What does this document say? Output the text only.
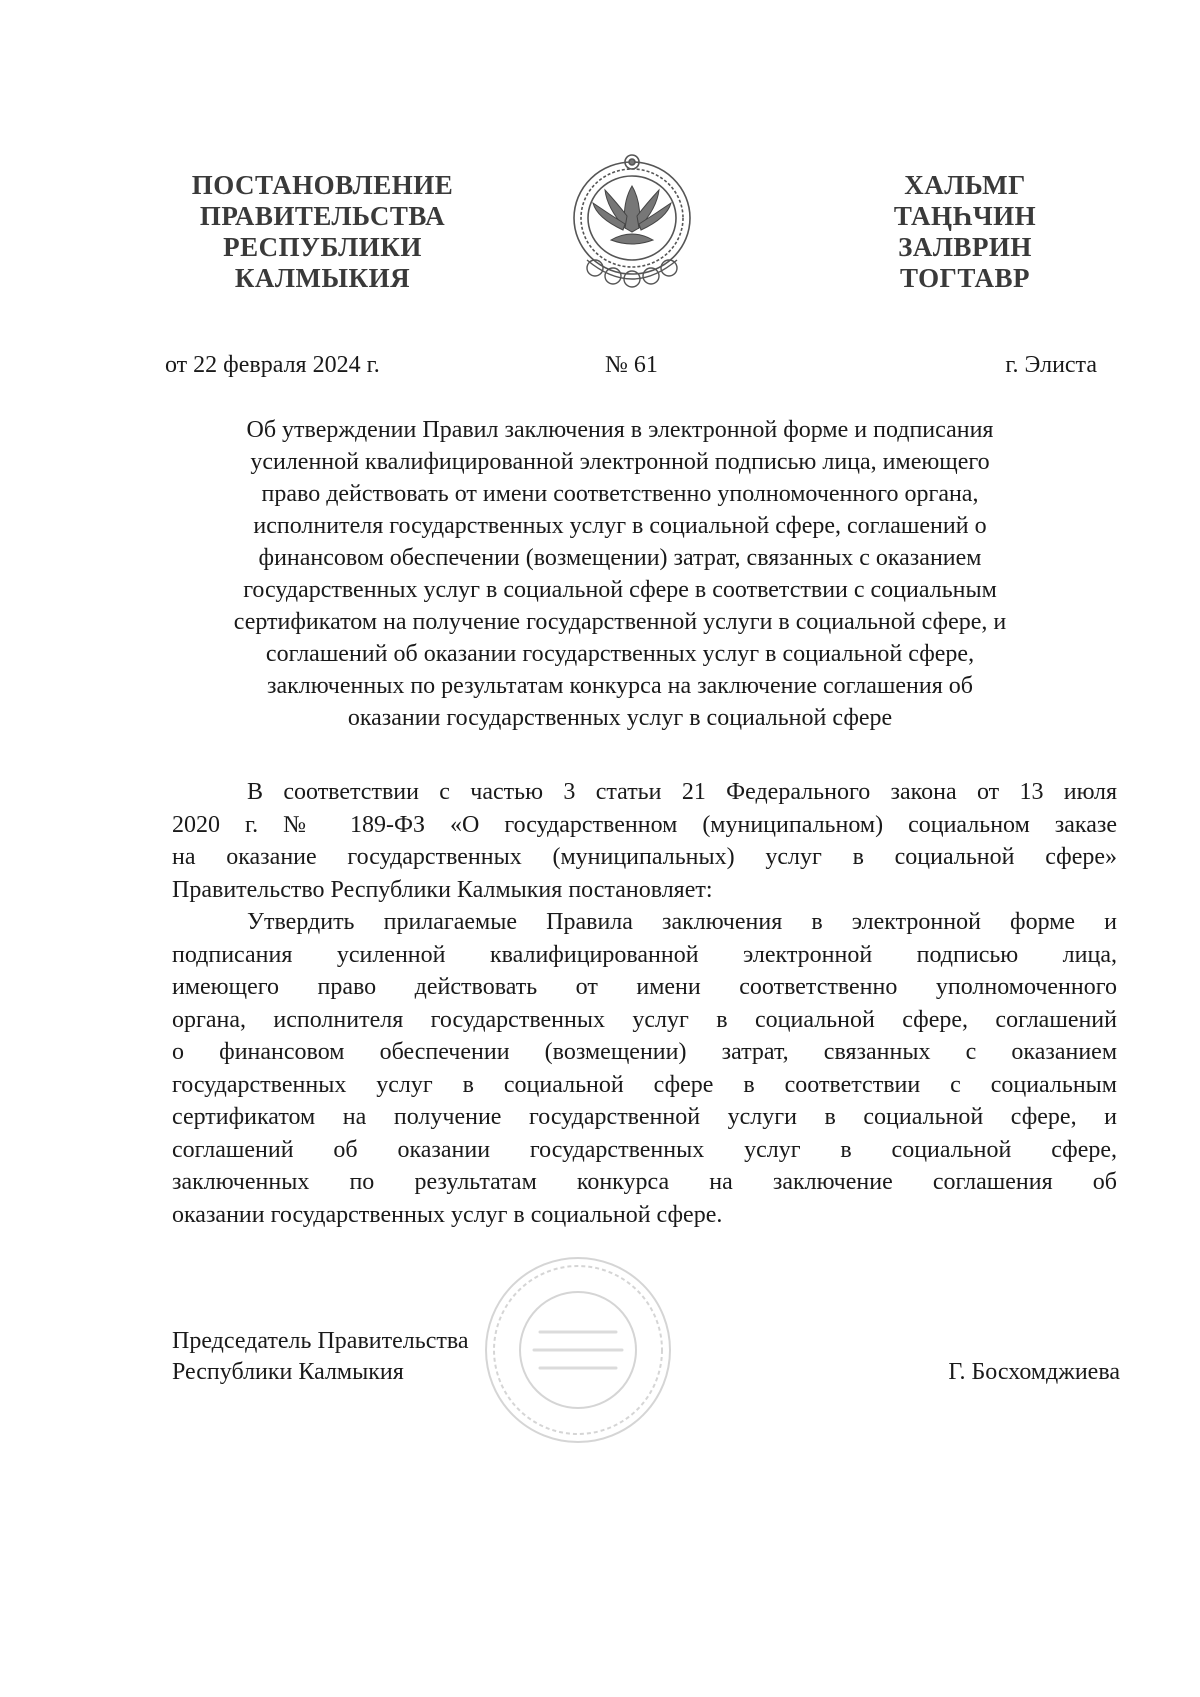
ПОСТАНОВЛЕНИЕ
ПРАВИТЕЛЬСТВА
РЕСПУБЛИКИ
КАЛМЫКИЯ
ХАЛЬМГ
ТАҢҺЧИН
ЗАЛВРИН
ТОГТАВР
от 22 февраля 2024 г.	№ 61	г. Элиста
Об утверждении Правил заключения в электронной форме и подписания
усиленной квалифицированной электронной подписью лица, имеющего
право действовать от имени соответственно уполномоченного органа,
исполнителя государственных услуг в социальной сфере, соглашений о
финансовом обеспечении (возмещении) затрат, связанных с оказанием
государственных услуг в социальной сфере в соответствии с социальным
сертификатом на получение государственной услуги в социальной сфере, и
соглашений об оказании государственных услуг в социальной сфере,
заключенных по результатам конкурса на заключение соглашения об
оказании государственных услуг в социальной сфере
В соответствии с частью 3 статьи 21 Федерального закона от 13 июля
2020 г. № 189-ФЗ «О государственном (муниципальном) социальном заказе
на оказание государственных (муниципальных) услуг в социальной сфере»
Правительство Республики Калмыкия постановляет:
Утвердить прилагаемые Правила заключения в электронной форме и
подписания усиленной квалифицированной электронной подписью лица,
имеющего право действовать от имени соответственно уполномоченного
органа, исполнителя государственных услуг в социальной сфере, соглашений
о финансовом обеспечении (возмещении) затрат, связанных с оказанием
государственных услуг в социальной сфере в соответствии с социальным
сертификатом на получение государственной услуги в социальной сфере, и
соглашений об оказании государственных услуг в социальной сфере,
заключенных по результатам конкурса на заключение соглашения об
оказании государственных услуг в социальной сфере.
Председатель Правительства
Республики Калмыкия	Г. Босхомджиева
